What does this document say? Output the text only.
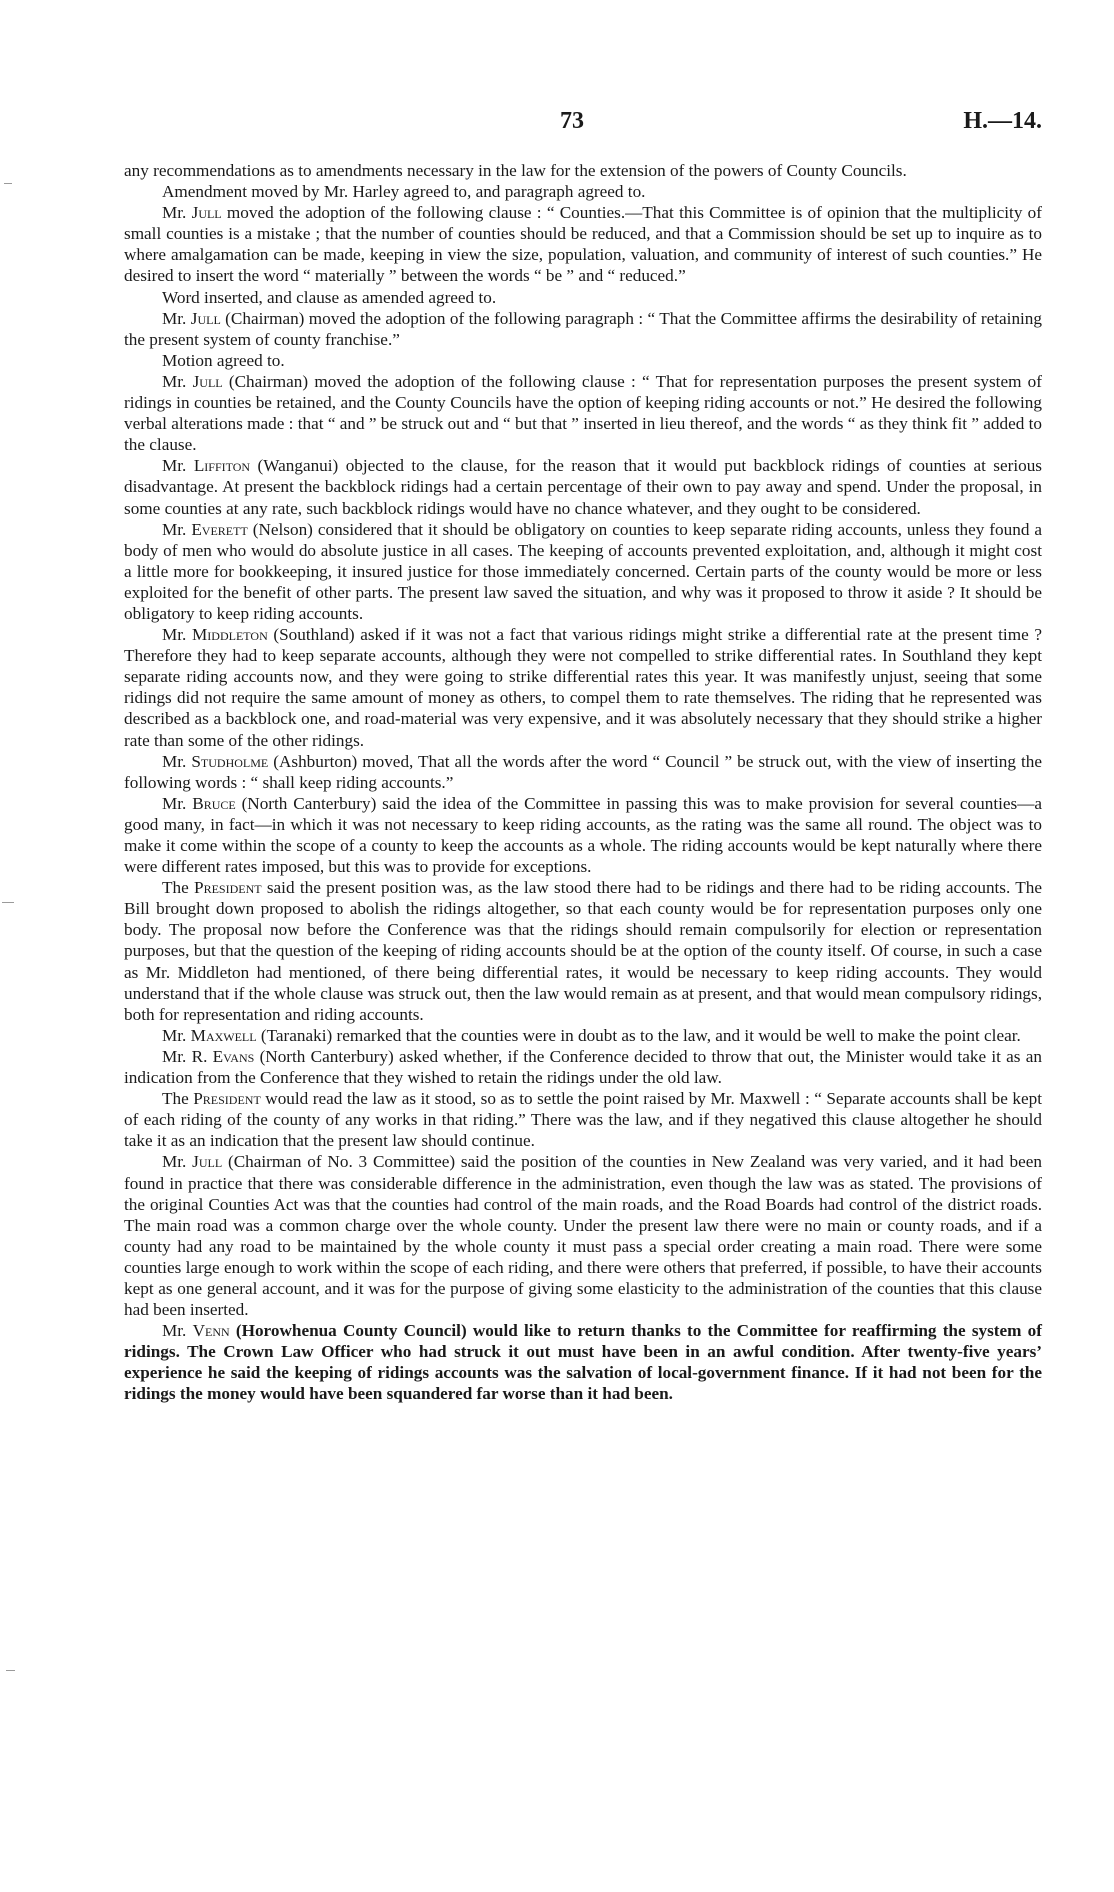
73	H.—14.

any recommendations as to amendments necessary in the law for the extension of the powers of County Councils.

Amendment moved by Mr. Harley agreed to, and paragraph agreed to.

Mr. Jull moved the adoption of the following clause : “ Counties.—That this Committee is of opinion that the multiplicity of small counties is a mistake ; that the number of counties should be reduced, and that a Commission should be set up to inquire as to where amalgamation can be made, keeping in view the size, population, valuation, and community of interest of such counties.” He desired to insert the word “ materially ” between the words “ be ” and “ reduced.”

Word inserted, and clause as amended agreed to.

Mr. Jull (Chairman) moved the adoption of the following paragraph : “ That the Committee affirms the desirability of retaining the present system of county franchise.”

Motion agreed to.

Mr. Jull (Chairman) moved the adoption of the following clause : “ That for representation purposes the present system of ridings in counties be retained, and the County Councils have the option of keeping riding accounts or not.” He desired the following verbal alterations made : that “ and ” be struck out and “ but that ” inserted in lieu thereof, and the words “ as they think fit ” added to the clause.

Mr. Liffiton (Wanganui) objected to the clause, for the reason that it would put backblock ridings of counties at serious disadvantage. At present the backblock ridings had a certain percentage of their own to pay away and spend. Under the proposal, in some counties at any rate, such backblock ridings would have no chance whatever, and they ought to be considered.

Mr. Everett (Nelson) considered that it should be obligatory on counties to keep separate riding accounts, unless they found a body of men who would do absolute justice in all cases. The keeping of accounts prevented exploitation, and, although it might cost a little more for bookkeeping, it insured justice for those immediately concerned. Certain parts of the county would be more or less exploited for the benefit of other parts. The present law saved the situation, and why was it proposed to throw it aside ? It should be obligatory to keep riding accounts.

Mr. Middleton (Southland) asked if it was not a fact that various ridings might strike a differential rate at the present time ? Therefore they had to keep separate accounts, although they were not compelled to strike differential rates. In Southland they kept separate riding accounts now, and they were going to strike differential rates this year. It was manifestly unjust, seeing that some ridings did not require the same amount of money as others, to compel them to rate themselves. The riding that he represented was described as a backblock one, and road-material was very expensive, and it was absolutely necessary that they should strike a higher rate than some of the other ridings.

Mr. Studholme (Ashburton) moved, That all the words after the word “ Council ” be struck out, with the view of inserting the following words : “ shall keep riding accounts.”

Mr. Bruce (North Canterbury) said the idea of the Committee in passing this was to make provision for several counties—a good many, in fact—in which it was not necessary to keep riding accounts, as the rating was the same all round. The object was to make it come within the scope of a county to keep the accounts as a whole. The riding accounts would be kept naturally where there were different rates imposed, but this was to provide for exceptions.

The President said the present position was, as the law stood there had to be ridings and there had to be riding accounts. The Bill brought down proposed to abolish the ridings altogether, so that each county would be for representation purposes only one body. The proposal now before the Conference was that the ridings should remain compulsorily for election or representation purposes, but that the question of the keeping of riding accounts should be at the option of the county itself. Of course, in such a case as Mr. Middleton had mentioned, of there being differential rates, it would be necessary to keep riding accounts. They would understand that if the whole clause was struck out, then the law would remain as at present, and that would mean compulsory ridings, both for representation and riding accounts.

Mr. Maxwell (Taranaki) remarked that the counties were in doubt as to the law, and it would be well to make the point clear.

Mr. R. Evans (North Canterbury) asked whether, if the Conference decided to throw that out, the Minister would take it as an indication from the Conference that they wished to retain the ridings under the old law.

The President would read the law as it stood, so as to settle the point raised by Mr. Maxwell : “ Separate accounts shall be kept of each riding of the county of any works in that riding.” There was the law, and if they negatived this clause altogether he should take it as an indication that the present law should continue.

Mr. Jull (Chairman of No. 3 Committee) said the position of the counties in New Zealand was very varied, and it had been found in practice that there was considerable difference in the administration, even though the law was as stated. The provisions of the original Counties Act was that the counties had control of the main roads, and the Road Boards had control of the district roads. The main road was a common charge over the whole county. Under the present law there were no main or county roads, and if a county had any road to be maintained by the whole county it must pass a special order creating a main road. There were some counties large enough to work within the scope of each riding, and there were others that preferred, if possible, to have their accounts kept as one general account, and it was for the purpose of giving some elasticity to the administration of the counties that this clause had been inserted.

Mr. Venn (Horowhenua County Council) would like to return thanks to the Committee for reaffirming the system of ridings. The Crown Law Officer who had struck it out must have been in an awful condition. After twenty-five years’ experience he said the keeping of ridings accounts was the salvation of local-government finance. If it had not been for the ridings the money would have been squandered far worse than it had been.
